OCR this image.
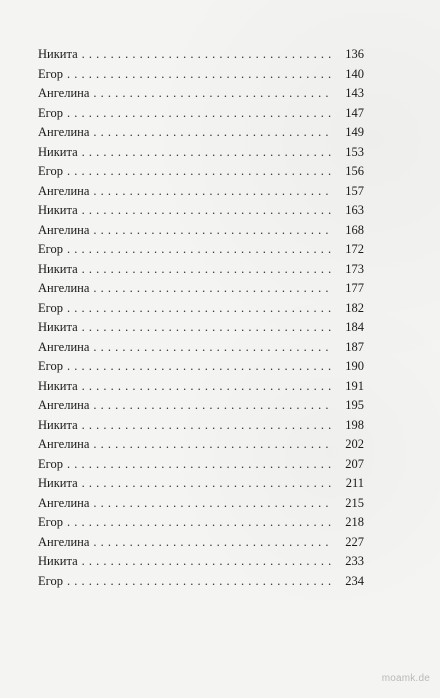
Никита . . .	136
Егор . . .	140
Ангелина . . .	143
Егор . . .	147
Ангелина . . .	149
Никита . . .	153
Егор . . .	156
Ангелина . . .	157
Никита . . .	163
Ангелина . . .	168
Егор . . .	172
Никита . . .	173
Ангелина . . .	177
Егор . . .	182
Никита . . .	184
Ангелина . . .	187
Егор . . .	190
Никита . . .	191
Ангелина . . .	195
Никита . . .	198
Ангелина . . .	202
Егор . . .	207
Никита . . .	211
Ангелина . . .	215
Егор . . .	218
Ангелина . . .	227
Никита . . .	233
Егор . . .	234
moamk.de
